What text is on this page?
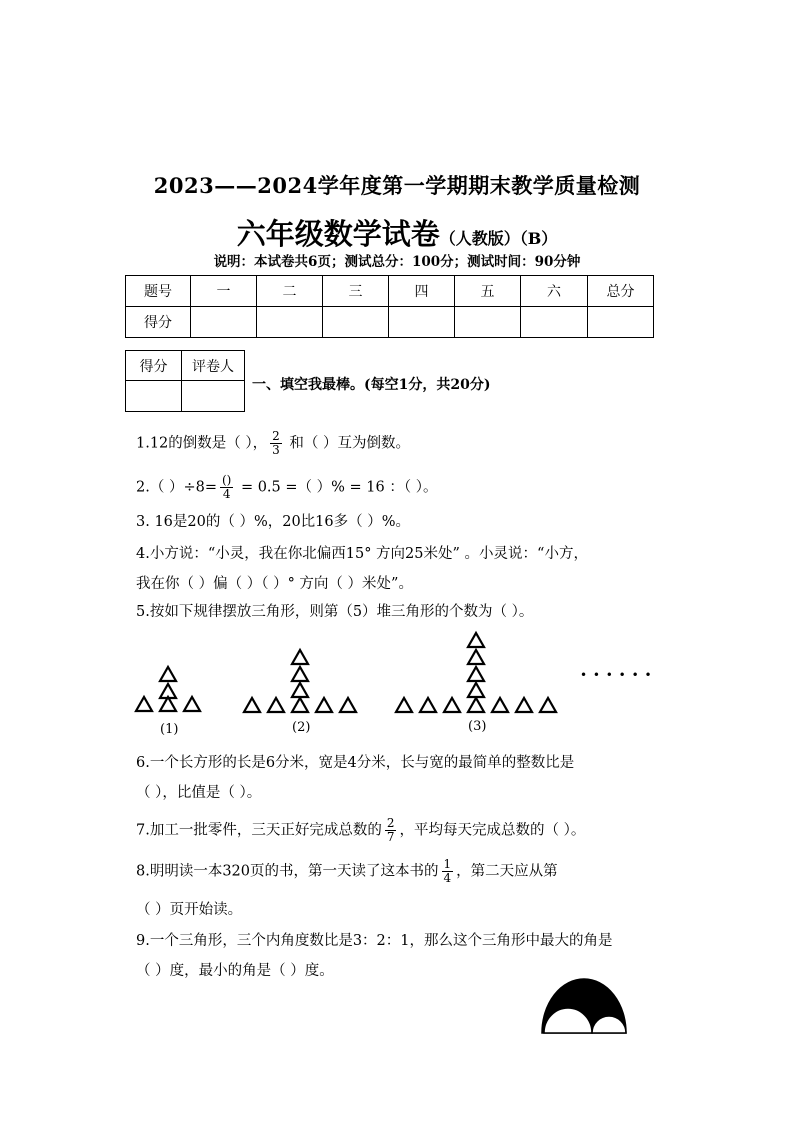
2023——2024学年度第一学期期末教学质量检测
六年级数学试卷（人教版）（B）
说明：本试卷共6页；测试总分：100分；测试时间：90分钟
题号	一	二	三	四	五	六	总分
得分							
得分	评卷人

一、填空我最棒。(每空1分，共20分)
1.12的倒数是（ ）， $\frac{2}{3}$ 和（ ）互为倒数。
2.（ ）$\div 8= \frac{()}{4} = 0.5$ =（ ）% = 16 ：（ ）。
3. 16是20的（ ）%，20比16多（ ）%。
4.小方说：“小灵，我在你北偏西15° 方向25米处” 。小灵说：“小方，
我在你（ ）偏（ ）（ ）° 方向（ ）米处”。
5.按如下规律摆放三角形，则第（5）堆三角形的个数为（ ）。
(1)	(2)	(3)
• • • • • •
6.一个长方形的长是6分米，宽是4分米，长与宽的最简单的整数比是
（ ），比值是（ ）。
7.加工一批零件，三天正好完成总数的 $\frac{2}{7}$ ，平均每天完成总数的（ ）。
8.明明读一本320页的书，第一天读了这本书的 $\frac{1}{4}$ ，第二天应从第
（ ）页开始读。
9.一个三角形，三个内角度数比是3：2：1，那么这个三角形中最大的角是
（ ）度，最小的角是（ ）度。
